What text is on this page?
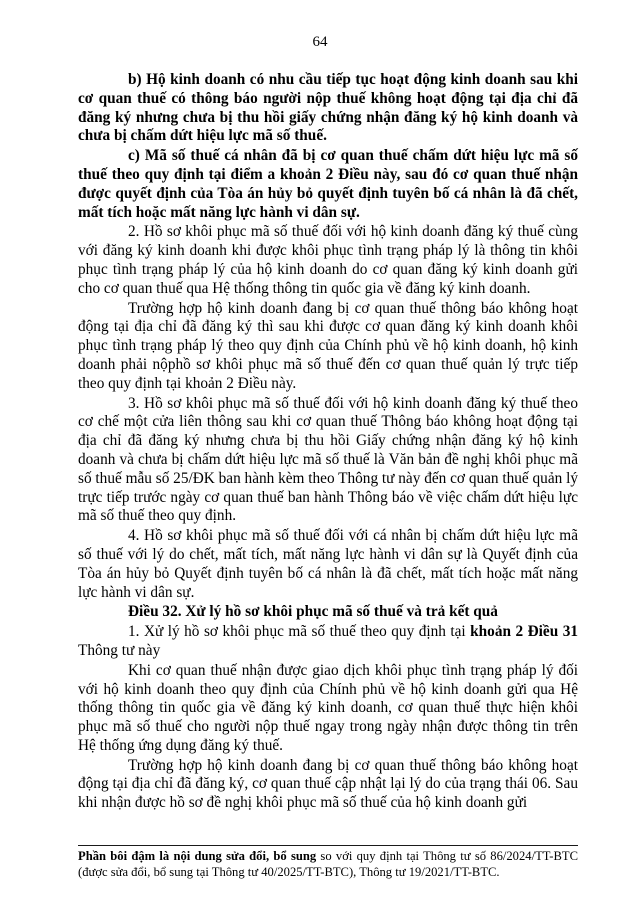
64

b) Hộ kinh doanh có nhu cầu tiếp tục hoạt động kinh doanh sau khi cơ quan thuế có thông báo người nộp thuế không hoạt động tại địa chỉ đã đăng ký nhưng chưa bị thu hồi giấy chứng nhận đăng ký hộ kinh doanh và chưa bị chấm dứt hiệu lực mã số thuế.

c) Mã số thuế cá nhân đã bị cơ quan thuế chấm dứt hiệu lực mã số thuế theo quy định tại điểm a khoản 2 Điều này, sau đó cơ quan thuế nhận được quyết định của Tòa án hủy bỏ quyết định tuyên bố cá nhân là đã chết, mất tích hoặc mất năng lực hành vi dân sự.

2. Hồ sơ khôi phục mã số thuế đối với hộ kinh doanh đăng ký thuế cùng với đăng ký kinh doanh khi được khôi phục tình trạng pháp lý là thông tin khôi phục tình trạng pháp lý của hộ kinh doanh do cơ quan đăng ký kinh doanh gửi cho cơ quan thuế qua Hệ thống thông tin quốc gia về đăng ký kinh doanh.

Trường hợp hộ kinh doanh đang bị cơ quan thuế thông báo không hoạt động tại địa chỉ đã đăng ký thì sau khi được cơ quan đăng ký kinh doanh khôi phục tình trạng pháp lý theo quy định của Chính phủ về hộ kinh doanh, hộ kinh doanh phải nộphồ sơ khôi phục mã số thuế đến cơ quan thuế quản lý trực tiếp theo quy định tại khoản 2 Điều này.

3. Hồ sơ khôi phục mã số thuế đối với hộ kinh doanh đăng ký thuế theo cơ chế một cửa liên thông sau khi cơ quan thuế Thông báo không hoạt động tại địa chỉ đã đăng ký nhưng chưa bị thu hồi Giấy chứng nhận đăng ký hộ kinh doanh và chưa bị chấm dứt hiệu lực mã số thuế là Văn bản đề nghị khôi phục mã số thuế mẫu số 25/ĐK ban hành kèm theo Thông tư này đến cơ quan thuế quản lý trực tiếp trước ngày cơ quan thuế ban hành Thông báo về việc chấm dứt hiệu lực mã số thuế theo quy định.

4. Hồ sơ khôi phục mã số thuế đối với cá nhân bị chấm dứt hiệu lực mã số thuế với lý do chết, mất tích, mất năng lực hành vi dân sự là Quyết định của Tòa án hủy bỏ Quyết định tuyên bố cá nhân là đã chết, mất tích hoặc mất năng lực hành vi dân sự.

Điều 32. Xử lý hồ sơ khôi phục mã số thuế và trả kết quả

1. Xử lý hồ sơ khôi phục mã số thuế theo quy định tại khoản 2 Điều 31 Thông tư này

Khi cơ quan thuế nhận được giao dịch khôi phục tình trạng pháp lý đối với hộ kinh doanh theo quy định của Chính phủ về hộ kinh doanh gửi qua Hệ thống thông tin quốc gia về đăng ký kinh doanh, cơ quan thuế thực hiện khôi phục mã số thuế cho người nộp thuế ngay trong ngày nhận được thông tin trên Hệ thống ứng dụng đăng ký thuế.

Trường hợp hộ kinh doanh đang bị cơ quan thuế thông báo không hoạt động tại địa chỉ đã đăng ký, cơ quan thuế cập nhật lại lý do của trạng thái 06. Sau khi nhận được hồ sơ đề nghị khôi phục mã số thuế của hộ kinh doanh gửi

Phần bôi đậm là nội dung sửa đổi, bổ sung so với quy định tại Thông tư số 86/2024/TT-BTC (được sửa đổi, bổ sung tại Thông tư 40/2025/TT-BTC), Thông tư 19/2021/TT-BTC.
